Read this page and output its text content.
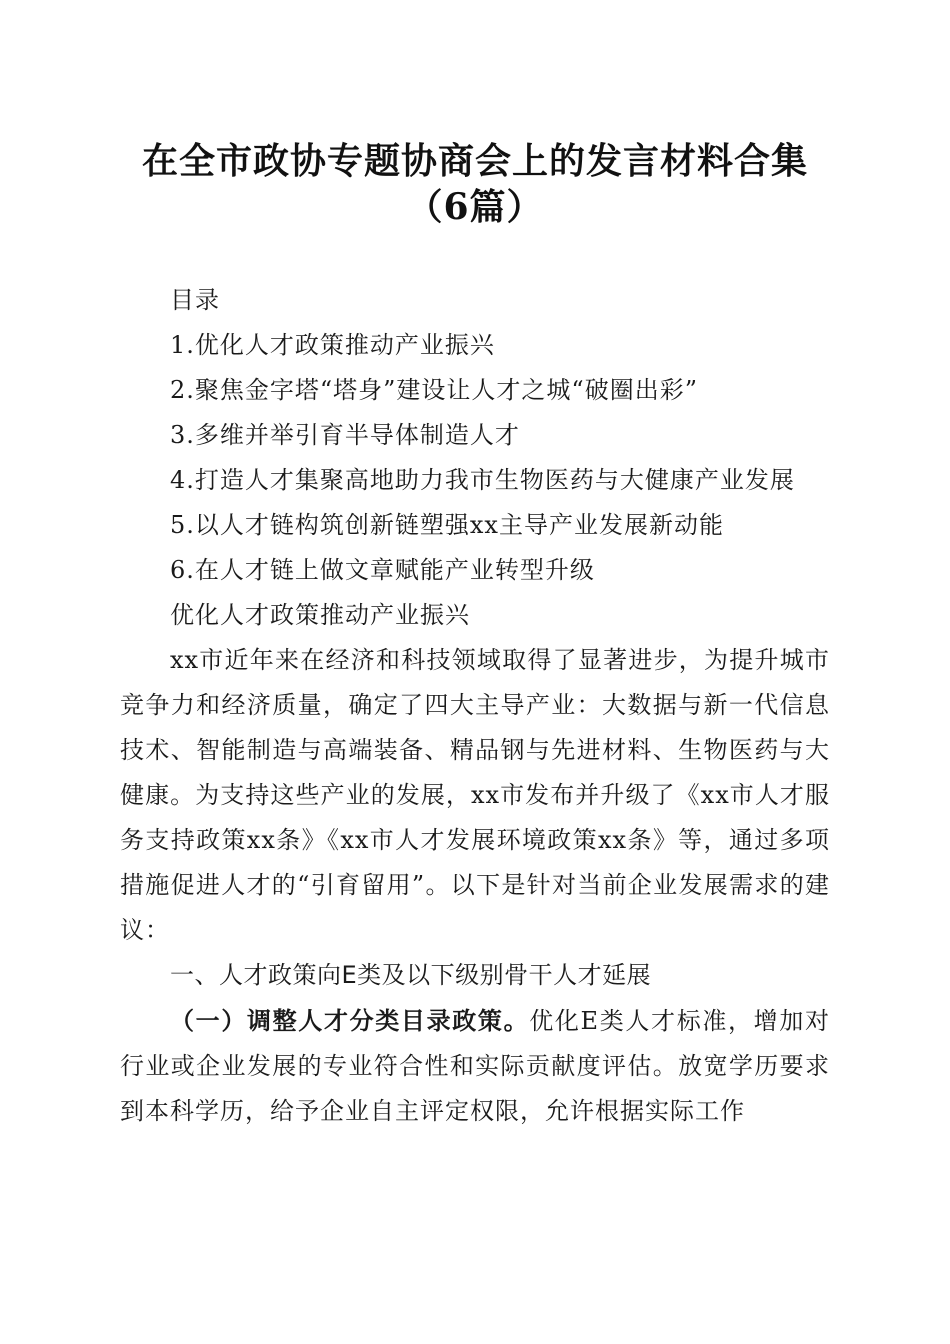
在全市政协专题协商会上的发言材料合集（6篇）

目录

1.优化人才政策推动产业振兴

2.聚焦金字塔“塔身”建设让人才之城“破圈出彩”

3.多维并举引育半导体制造人才

4.打造人才集聚高地助力我市生物医药与大健康产业发展

5.以人才链构筑创新链塑强xx主导产业发展新动能

6.在人才链上做文章赋能产业转型升级

优化人才政策推动产业振兴

xx市近年来在经济和科技领域取得了显著进步，为提升城市竞争力和经济质量，确定了四大主导产业：大数据与新一代信息技术、智能制造与高端装备、精品钢与先进材料、生物医药与大健康。为支持这些产业的发展，xx市发布并升级了《xx市人才服务支持政策xx条》《xx市人才发展环境政策xx条》等，通过多项措施促进人才的“引育留用”。以下是针对当前企业发展需求的建议：

一、人才政策向E类及以下级别骨干人才延展

（一）调整人才分类目录政策。优化E类人才标准，增加对行业或企业发展的专业符合性和实际贡献度评估。放宽学历要求到本科学历，给予企业自主评定权限，允许根据实际工作
